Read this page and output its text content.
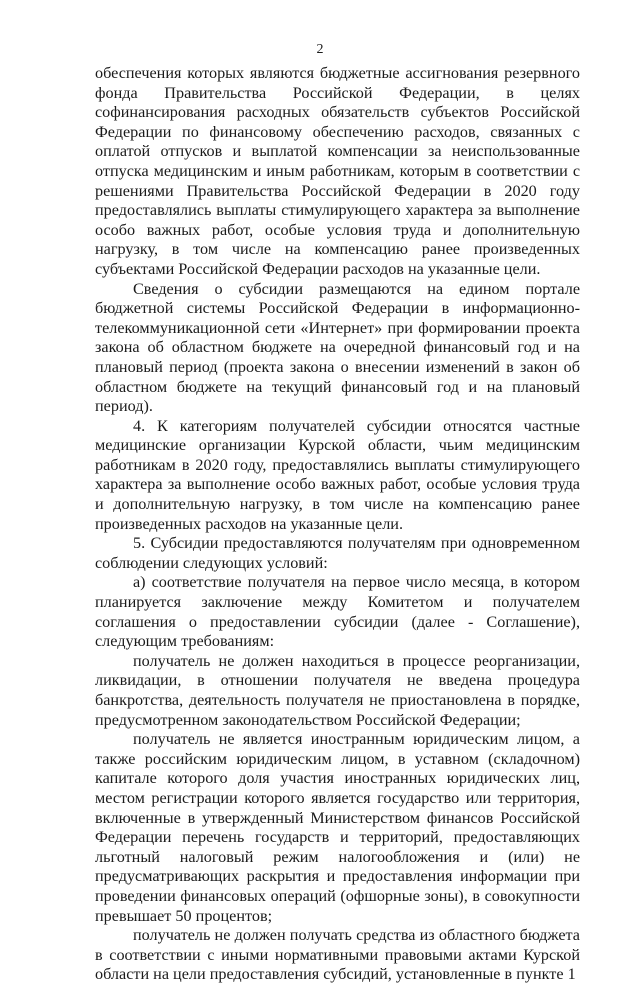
2

обеспечения которых являются бюджетные ассигнования резервного фонда Правительства Российской Федерации, в целях софинансирования расходных обязательств субъектов Российской Федерации по финансовому обеспечению расходов, связанных с оплатой отпусков и выплатой компенсации за неиспользованные отпуска медицинским и иным работникам, которым в соответствии с решениями Правительства Российской Федерации в 2020 году предоставлялись выплаты стимулирующего характера за выполнение особо важных работ, особые условия труда и дополнительную нагрузку, в том числе на компенсацию ранее произведенных субъектами Российской Федерации расходов на указанные цели.

Сведения о субсидии размещаются на едином портале бюджетной системы Российской Федерации в информационно-телекоммуникационной сети «Интернет» при формировании проекта закона об областном бюджете на очередной финансовый год и на плановый период (проекта закона о внесении изменений в закон об областном бюджете на текущий финансовый год и на плановый период).

4. К категориям получателей субсидии относятся частные медицинские организации Курской области, чьим медицинским работникам в 2020 году, предоставлялись выплаты стимулирующего характера за выполнение особо важных работ, особые условия труда и дополнительную нагрузку, в том числе на компенсацию ранее произведенных расходов на указанные цели.

5. Субсидии предоставляются получателям при одновременном соблюдении следующих условий:

а) соответствие получателя на первое число месяца, в котором планируется заключение между Комитетом и получателем соглашения о предоставлении субсидии (далее - Соглашение), следующим требованиям:

получатель не должен находиться в процессе реорганизации, ликвидации, в отношении получателя не введена процедура банкротства, деятельность получателя не приостановлена в порядке, предусмотренном законодательством Российской Федерации;

получатель не является иностранным юридическим лицом, а также российским юридическим лицом, в уставном (складочном) капитале которого доля участия иностранных юридических лиц, местом регистрации которого является государство или территория, включенные в утвержденный Министерством финансов Российской Федерации перечень государств и территорий, предоставляющих льготный налоговый режим налогообложения и (или) не предусматривающих раскрытия и предоставления информации при проведении финансовых операций (офшорные зоны), в совокупности превышает 50 процентов;

получатель не должен получать средства из областного бюджета в соответствии с иными нормативными правовыми актами Курской области на цели предоставления субсидий, установленные в пункте 1
